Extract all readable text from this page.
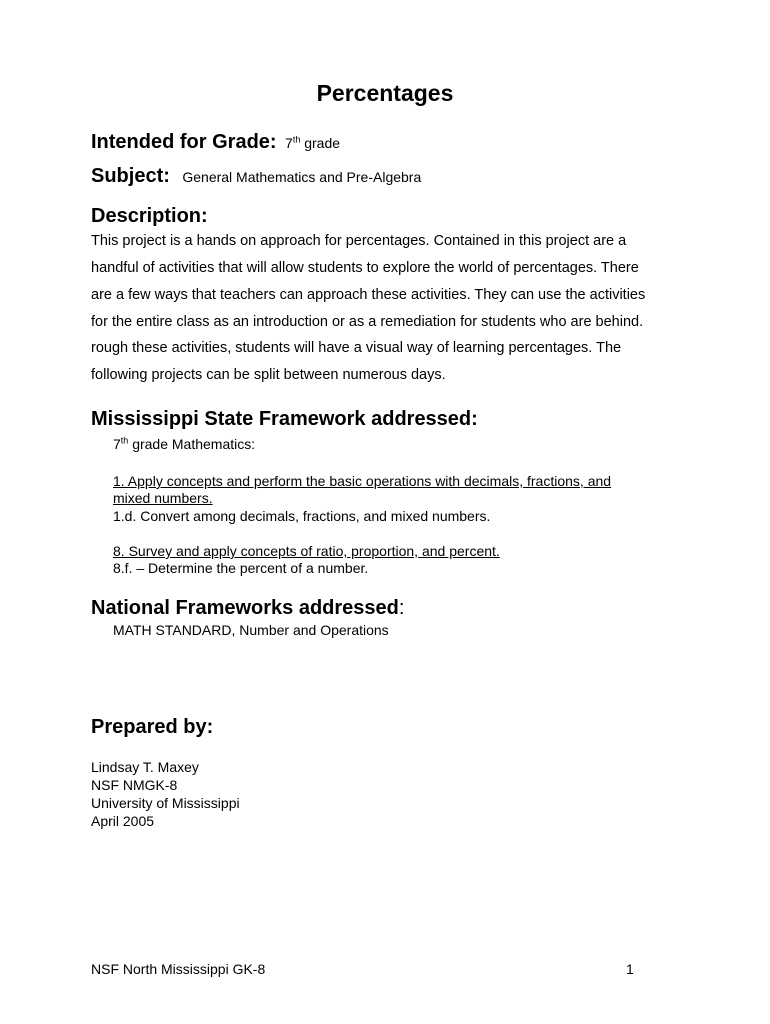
Percentages
Intended for Grade: 7th grade
Subject: General Mathematics and Pre-Algebra
Description:
This project is a hands on approach for percentages. Contained in this project are a
handful of activities that will allow students to explore the world of percentages. There
are a few ways that teachers can approach these activities. They can use the activities
for the entire class as an introduction or as a remediation for students who are behind.
rough these activities, students will have a visual way of learning percentages. The
following projects can be split between numerous days.
Mississippi State Framework addressed:
7th grade Mathematics:
1. Apply concepts and perform the basic operations with decimals, fractions, and
mixed numbers.
1.d. Convert among decimals, fractions, and mixed numbers.
8. Survey and apply concepts of ratio, proportion, and percent.
8.f. – Determine the percent of a number.
National Frameworks addressed:
MATH STANDARD, Number and Operations
Prepared by:
Lindsay T. Maxey
NSF NMGK-8
University of Mississippi
April 2005
NSF North Mississippi GK-8	1
